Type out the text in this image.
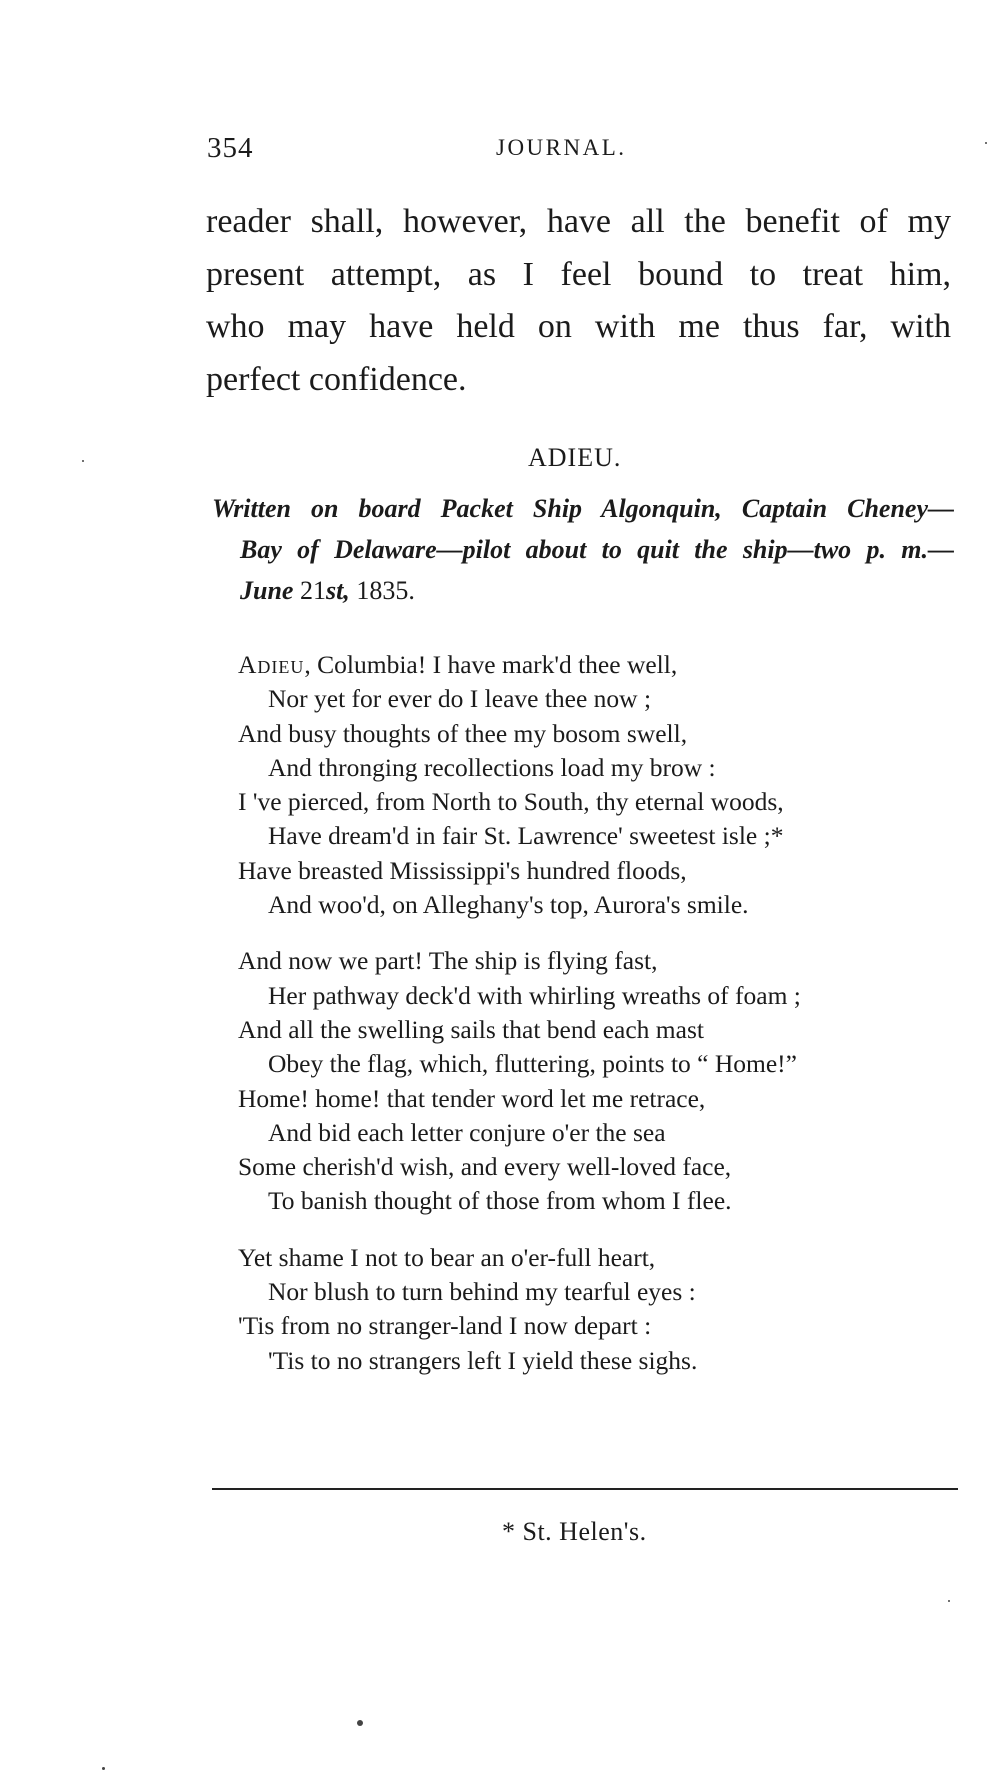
354	JOURNAL.
reader shall, however, have all the benefit of my
present attempt, as I feel bound to treat him,
who may have held on with me thus far, with
perfect confidence.
ADIEU.
Written on board Packet Ship Algonquin, Captain Cheney—
Bay of Delaware—pilot about to quit the ship—two p. m.—
June 21st, 1835.
Adieu, Columbia! I have mark'd thee well,
Nor yet for ever do I leave thee now ;
And busy thoughts of thee my bosom swell,
And thronging recollections load my brow :
I 've pierced, from North to South, thy eternal woods,
Have dream'd in fair St. Lawrence' sweetest isle ;*
Have breasted Mississippi's hundred floods,
And woo'd, on Alleghany's top, Aurora's smile.
And now we part! The ship is flying fast,
Her pathway deck'd with whirling wreaths of foam ;
And all the swelling sails that bend each mast
Obey the flag, which, fluttering, points to “ Home!”
Home! home! that tender word let me retrace,
And bid each letter conjure o'er the sea
Some cherish'd wish, and every well-loved face,
To banish thought of those from whom I flee.
Yet shame I not to bear an o'er-full heart,
Nor blush to turn behind my tearful eyes :
'Tis from no stranger-land I now depart :
'Tis to no strangers left I yield these sighs.
* St. Helen's.
